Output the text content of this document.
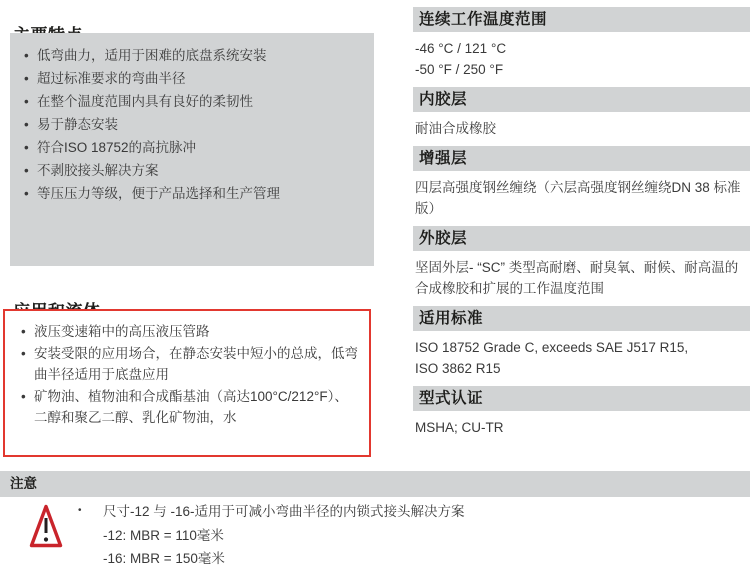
• 低弯曲力，适用于困难的底盘系统安装
• 超过标准要求的弯曲半径
• 在整个温度范围内具有良好的柔韧性
• 易于静态安装
• 符合ISO 18752的高抗脉冲
• 不剥胶接头解决方案
• 等压压力等级，便于产品选择和生产管理
• 液压变速箱中的高压液压管路
• 安装受限的应用场合，在静态安装中短小的总成，低弯曲半径适用于底盘应用
• 矿物油、植物油和合成酯基油（高达100°C/212°F）、二醇和聚乙二醇、乳化矿物油，水
连续工作温度范围
-46 °C / 121 °C
-50 °F / 250 °F
内胶层
耐油合成橡胶
增强层
四层高强度钢丝缠绕（六层高强度钢丝缠绕DN 38 标准版）
外胶层
坚固外层- “SC” 类型高耐磨、耐臭氧、耐候、耐高温的合成橡胶和扩展的工作温度范围
适用标准
ISO 18752 Grade C, exceeds SAE J517 R15,
ISO 3862 R15
型式认证
MSHA; CU-TR
注意
• 尺寸-12 与 -16-适用于可减小弯曲半径的内锁式接头解决方案
-12: MBR = 110毫米
-16: MBR = 150毫米
